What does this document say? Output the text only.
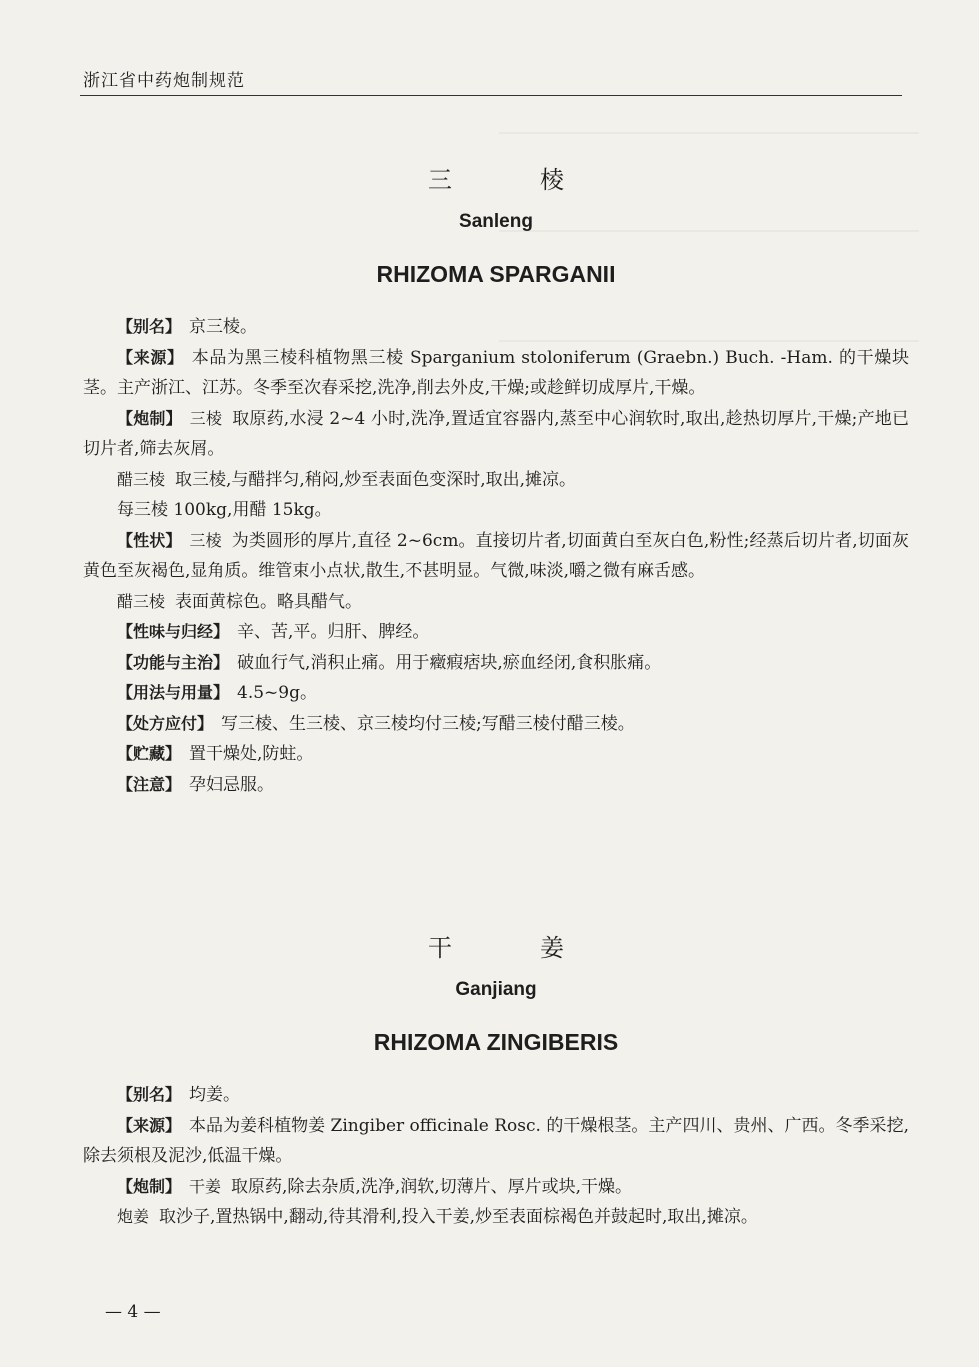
浙江省中药炮制规范
三棱
Sanleng
RHIZOMA SPARGANII

【别名】 京三棱。

【来源】 本品为黑三棱科植物黑三棱 Sparganium stoloniferum (Graebn.) Buch. -Ham. 的干燥块茎。主产浙江、江苏。冬季至次春采挖,洗净,削去外皮,干燥;或趁鲜切成厚片,干燥。

【炮制】 三棱 取原药,水浸 2~4 小时,洗净,置适宜容器内,蒸至中心润软时,取出,趁热切厚片,干燥;产地已切片者,筛去灰屑。

醋三棱 取三棱,与醋拌匀,稍闷,炒至表面色变深时,取出,摊凉。

每三棱 100kg,用醋 15kg。

【性状】 三棱 为类圆形的厚片,直径 2~6cm。直接切片者,切面黄白至灰白色,粉性;经蒸后切片者,切面灰黄色至灰褐色,显角质。维管束小点状,散生,不甚明显。气微,味淡,嚼之微有麻舌感。

醋三棱 表面黄棕色。略具醋气。

【性味与归经】 辛、苦,平。归肝、脾经。

【功能与主治】 破血行气,消积止痛。用于癥瘕痞块,瘀血经闭,食积胀痛。

【用法与用量】 4.5~9g。

【处方应付】 写三棱、生三棱、京三棱均付三棱;写醋三棱付醋三棱。

【贮藏】 置干燥处,防蛀。

【注意】 孕妇忌服。

干姜
Ganjiang
RHIZOMA ZINGIBERIS

【别名】 均姜。

【来源】 本品为姜科植物姜 Zingiber officinale Rosc. 的干燥根茎。主产四川、贵州、广西。冬季采挖,除去须根及泥沙,低温干燥。

【炮制】 干姜 取原药,除去杂质,洗净,润软,切薄片、厚片或块,干燥。

炮姜 取沙子,置热锅中,翻动,待其滑利,投入干姜,炒至表面棕褐色并鼓起时,取出,摊凉。

— 4 —
